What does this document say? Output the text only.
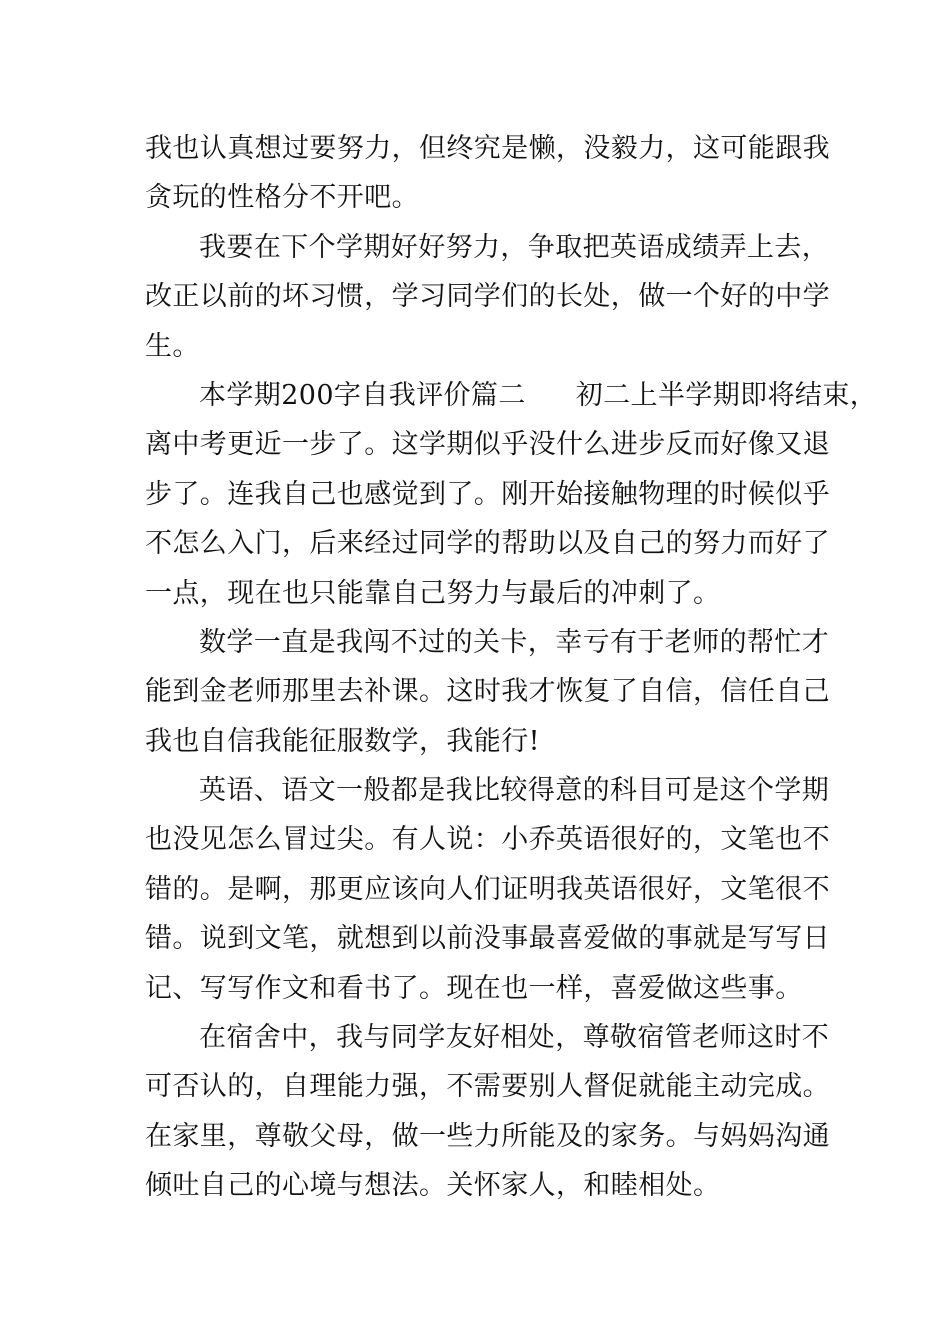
我也认真想过要努力，但终究是懒，没毅力，这可能跟我
贪玩的性格分不开吧。
我要在下个学期好好努力，争取把英语成绩弄上去，
改正以前的坏习惯，学习同学们的长处，做一个好的中学
生。
本学期200字自我评价篇二 初二上半学期即将结束，
离中考更近一步了。这学期似乎没什么进步反而好像又退
步了。连我自己也感觉到了。刚开始接触物理的时候似乎
不怎么入门，后来经过同学的帮助以及自己的努力而好了
一点，现在也只能靠自己努力与最后的冲刺了。
数学一直是我闯不过的关卡，幸亏有于老师的帮忙才
能到金老师那里去补课。这时我才恢复了自信，信任自己
我也自信我能征服数学，我能行!
英语、语文一般都是我比较得意的科目可是这个学期
也没见怎么冒过尖。有人说：小乔英语很好的，文笔也不
错的。是啊，那更应该向人们证明我英语很好，文笔很不
错。说到文笔，就想到以前没事最喜爱做的事就是写写日
记、写写作文和看书了。现在也一样，喜爱做这些事。
在宿舍中，我与同学友好相处，尊敬宿管老师这时不
可否认的，自理能力强，不需要别人督促就能主动完成。
在家里，尊敬父母，做一些力所能及的家务。与妈妈沟通
倾吐自己的心境与想法。关怀家人，和睦相处。
